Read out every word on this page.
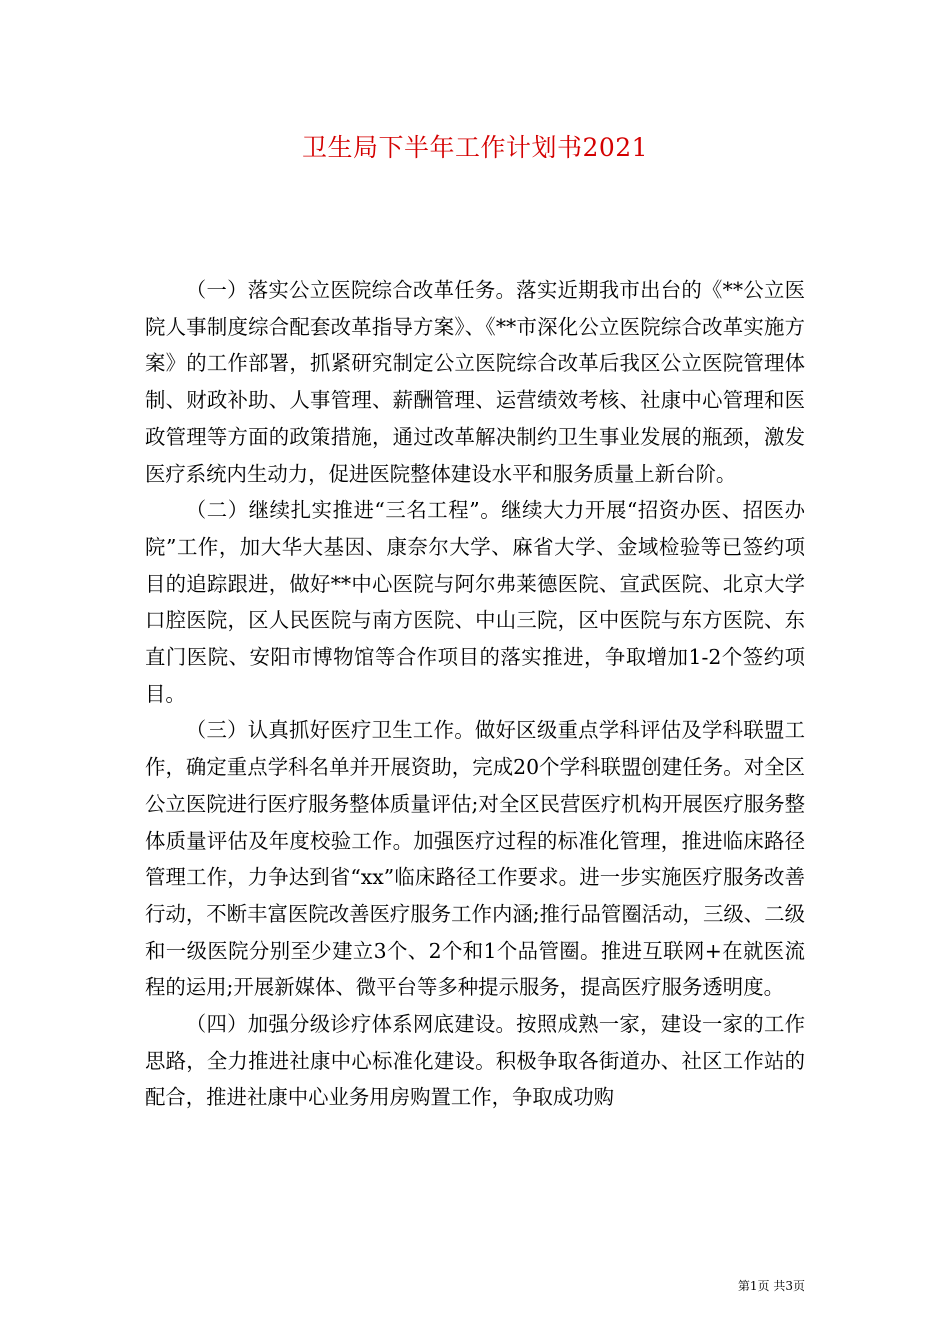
卫生局下半年工作计划书2021

（一）落实公立医院综合改革任务。落实近期我市出台的《**公立医院人事制度综合配套改革指导方案》、《**市深化公立医院综合改革实施方案》的工作部署，抓紧研究制定公立医院综合改革后我区公立医院管理体制、财政补助、人事管理、薪酬管理、运营绩效考核、社康中心管理和医政管理等方面的政策措施，通过改革解决制约卫生事业发展的瓶颈，激发医疗系统内生动力，促进医院整体建设水平和服务质量上新台阶。

（二）继续扎实推进“三名工程”。继续大力开展“招资办医、招医办院”工作，加大华大基因、康奈尔大学、麻省大学、金域检验等已签约项目的追踪跟进，做好**中心医院与阿尔弗莱德医院、宣武医院、北京大学口腔医院，区人民医院与南方医院、中山三院，区中医院与东方医院、东直门医院、安阳市博物馆等合作项目的落实推进，争取增加1-2个签约项目。

（三）认真抓好医疗卫生工作。做好区级重点学科评估及学科联盟工作，确定重点学科名单并开展资助，完成20个学科联盟创建任务。对全区公立医院进行医疗服务整体质量评估;对全区民营医疗机构开展医疗服务整体质量评估及年度校验工作。加强医疗过程的标准化管理，推进临床路径管理工作，力争达到省“xx”临床路径工作要求。进一步实施医疗服务改善行动，不断丰富医院改善医疗服务工作内涵;推行品管圈活动，三级、二级和一级医院分别至少建立3个、2个和1个品管圈。推进互联网+在就医流程的运用;开展新媒体、微平台等多种提示服务，提高医疗服务透明度。

（四）加强分级诊疗体系网底建设。按照成熟一家，建设一家的工作思路，全力推进社康中心标准化建设。积极争取各街道办、社区工作站的配合，推进社康中心业务用房购置工作，争取成功购

第1页 共3页
